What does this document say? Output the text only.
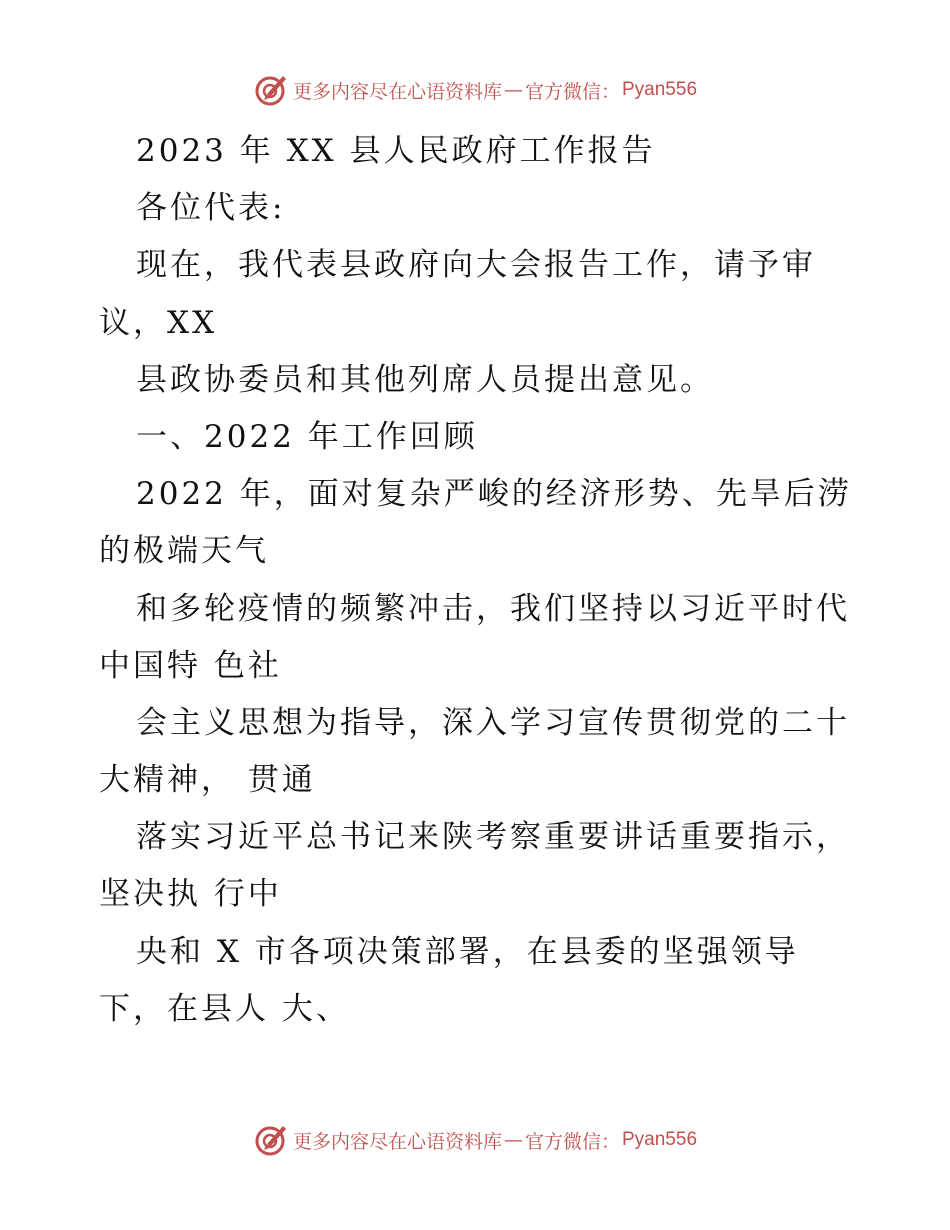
更多内容尽在心语资料库 — 官方微信： Pyan556
2023 年 XX 县人民政府工作报告
各位代表:
现在，我代表县政府向大会报告工作，请予审
议，XX
县政协委员和其他列席人员提出意见。
一、2022 年工作回顾
2022 年，面对复杂严峻的经济形势、先旱后涝
的极端天气
和多轮疫情的频繁冲击，我们坚持以习近平时代
中国特 色社
会主义思想为指导，深入学习宣传贯彻党的二十
大精神， 贯通
落实习近平总书记来陕考察重要讲话重要指示，
坚决执 行中
央和 X 市各项决策部署，在县委的坚强领导
下，在县人 大、
更多内容尽在心语资料库 — 官方微信： Pyan556
